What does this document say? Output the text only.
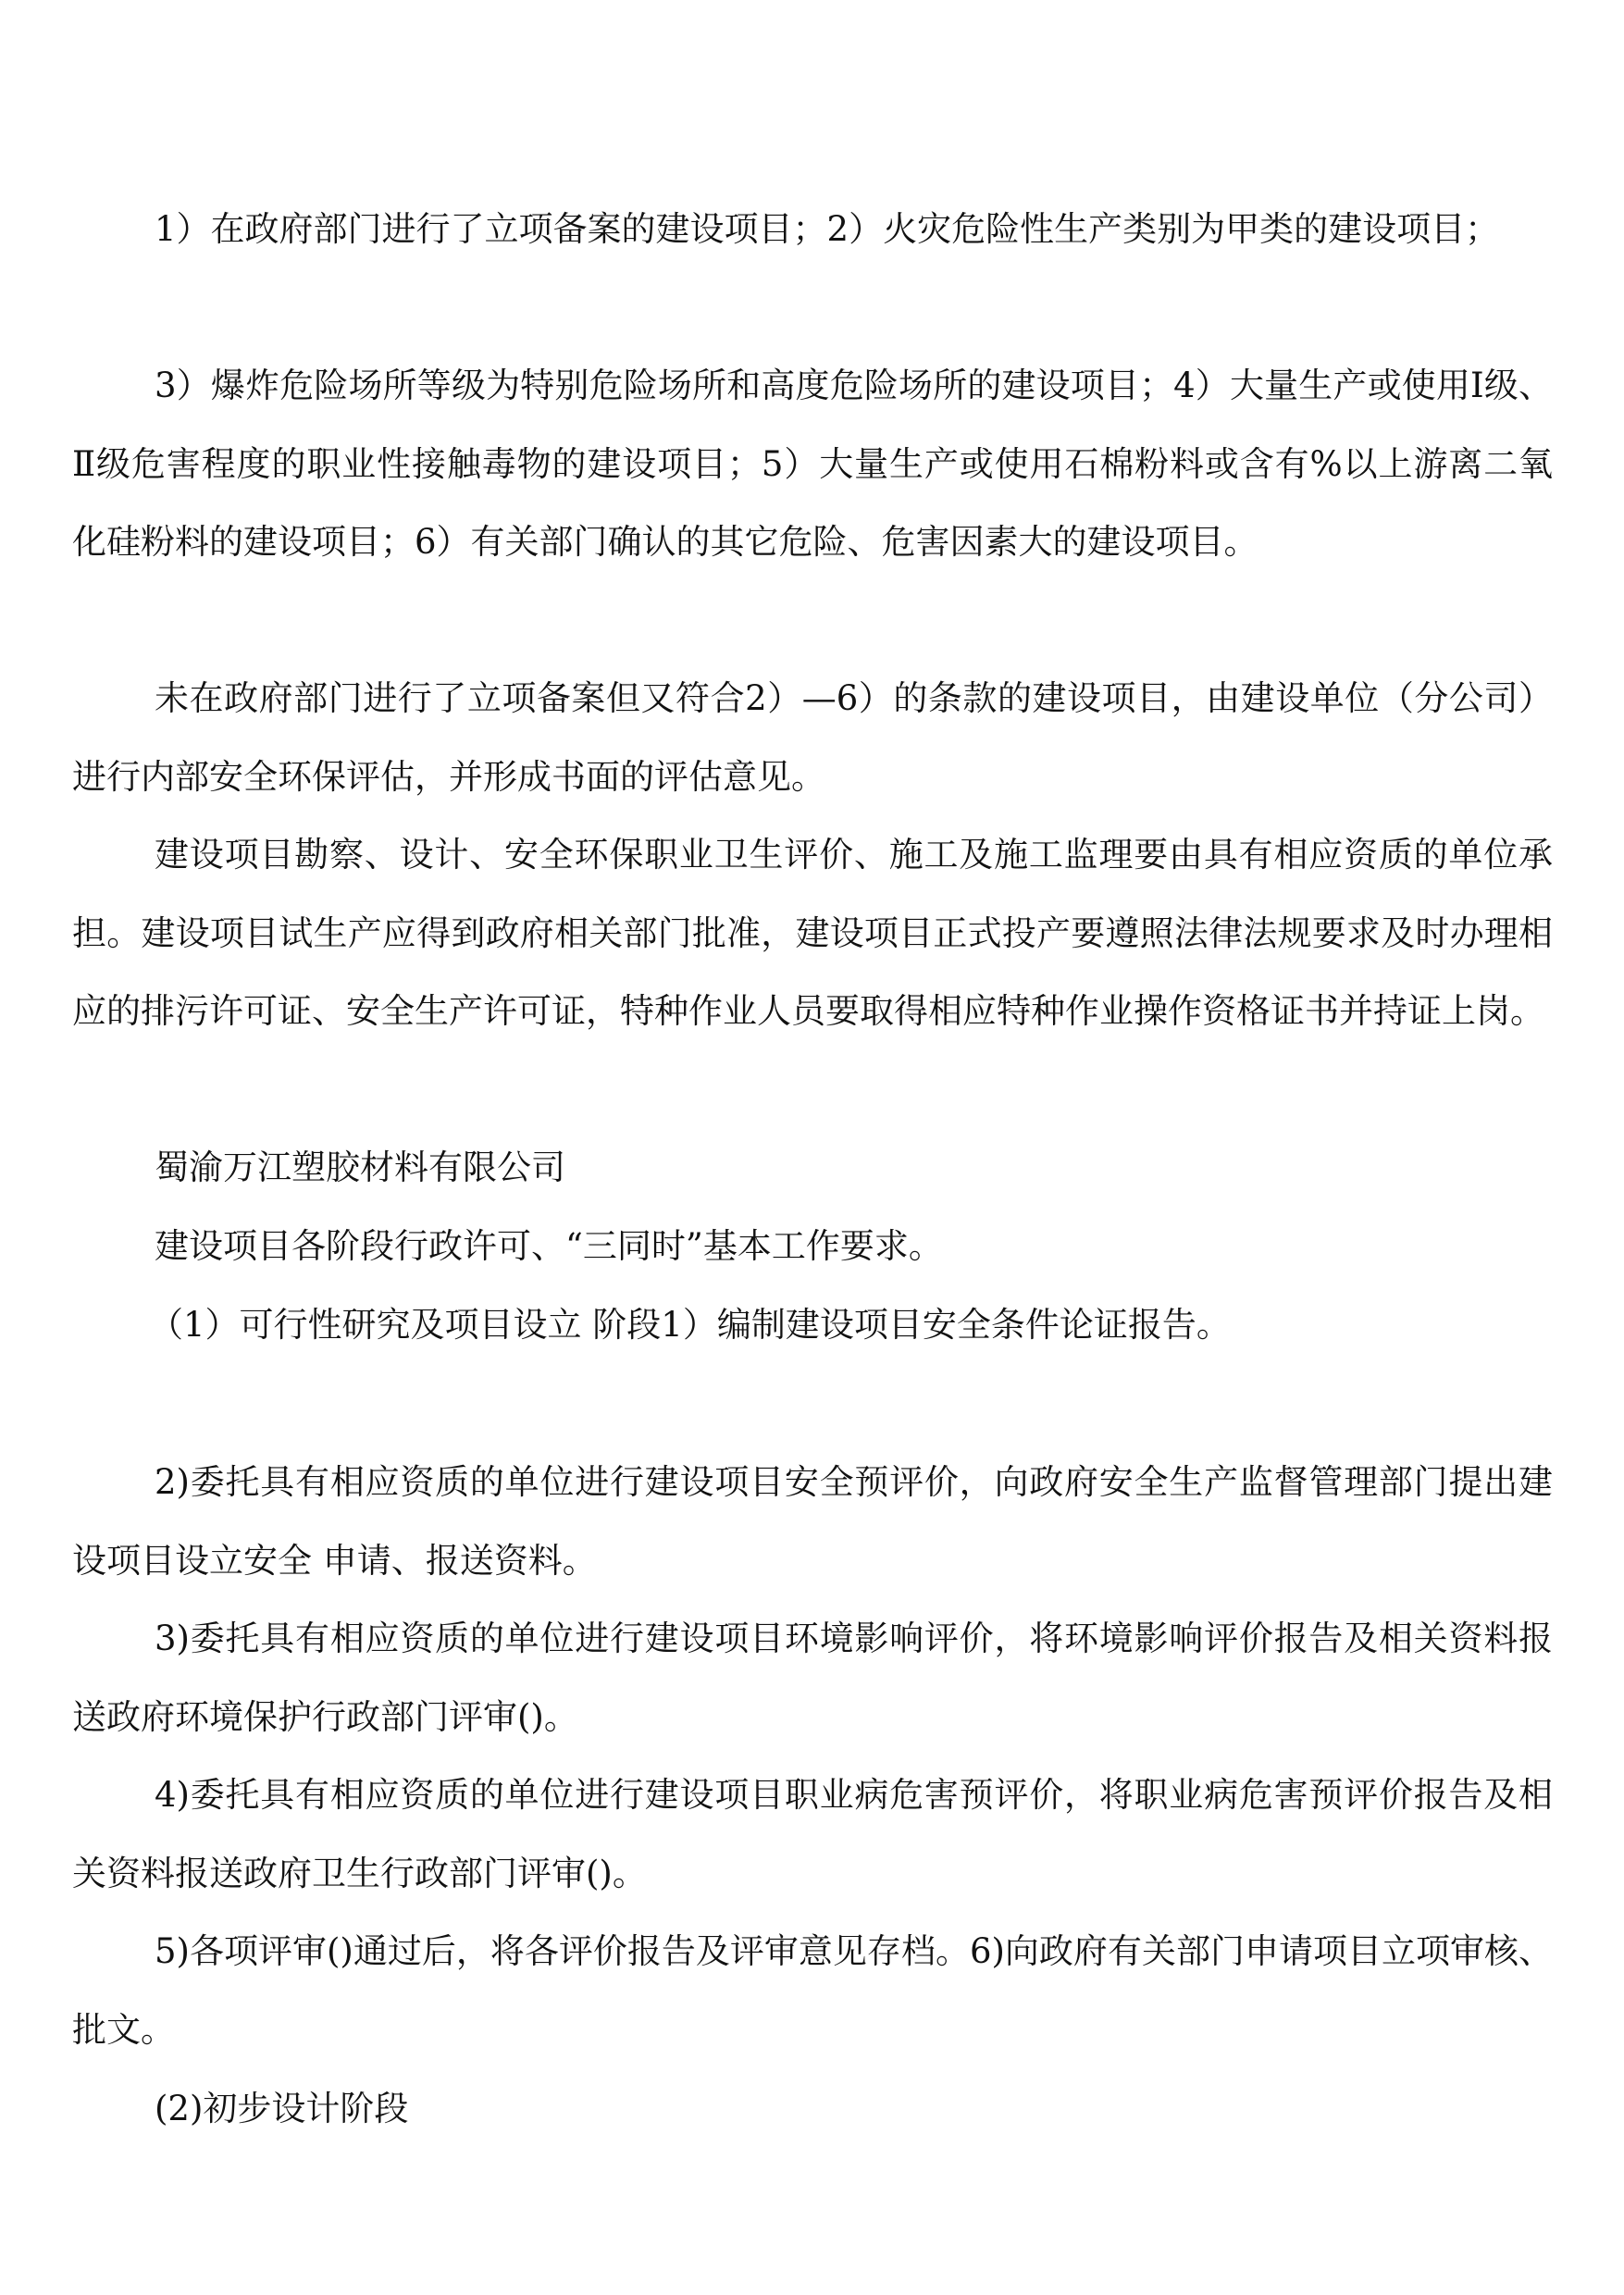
1）在政府部门进行了立项备案的建设项目；2）火灾危险性生产类别为甲类的建设项目；

3）爆炸危险场所等级为特别危险场所和高度危险场所的建设项目；4）大量生产或使用Ⅰ级、Ⅱ级危害程度的职业性接触毒物的建设项目；5）大量生产或使用石棉粉料或含有%以上游离二氧化硅粉料的建设项目；6）有关部门确认的其它危险、危害因素大的建设项目。

未在政府部门进行了立项备案但又符合2）—6）的条款的建设项目，由建设单位（分公司）进行内部安全环保评估，并形成书面的评估意见。

建设项目勘察、设计、安全环保职业卫生评价、施工及施工监理要由具有相应资质的单位承担。建设项目试生产应得到政府相关部门批准，建设项目正式投产要遵照法律法规要求及时办理相应的排污许可证、安全生产许可证，特种作业人员要取得相应特种作业操作资格证书并持证上岗。

蜀渝万江塑胶材料有限公司

建设项目各阶段行政许可、“三同时”基本工作要求。

（1）可行性研究及项目设立 阶段1）编制建设项目安全条件论证报告。

2)委托具有相应资质的单位进行建设项目安全预评价，向政府安全生产监督管理部门提出建设项目设立安全 申请、报送资料。

3)委托具有相应资质的单位进行建设项目环境影响评价，将环境影响评价报告及相关资料报送政府环境保护行政部门评审()。

4)委托具有相应资质的单位进行建设项目职业病危害预评价，将职业病危害预评价报告及相关资料报送政府卫生行政部门评审()。

5)各项评审()通过后，将各评价报告及评审意见存档。6)向政府有关部门申请项目立项审核、批文。

(2)初步设计阶段
